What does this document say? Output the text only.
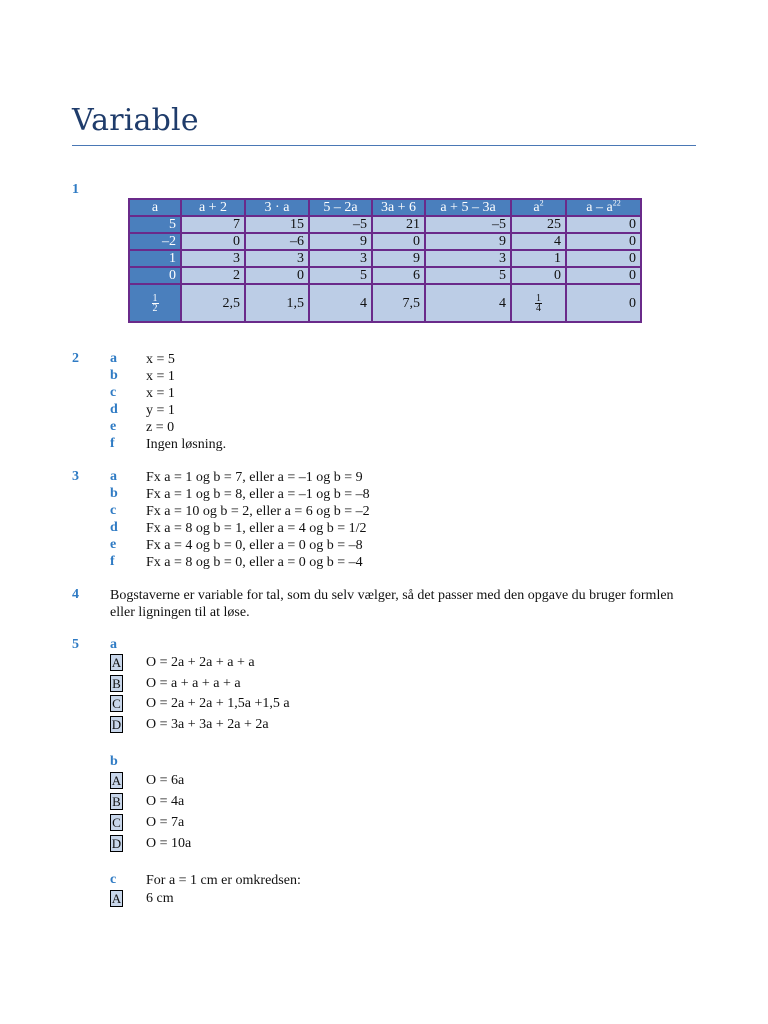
Variable
1
a	a + 2	3 · a	5 – 2a	3a + 6	a + 5 – 3a	$a^2$	a – $a^{22}$
5	7	15	–5	21	–5	25	0
–2	0	–6	9	0	9	4	0
1	3	3	3	9	3	1	0
0	2	0	5	6	5	0	0

$\frac{1}{2}$	2,5	1,5	4	7,5	4	$\frac{1}{4}$	0
2 a x = 5
b x = 1
c x = 1
d y = 1
e z = 0
f Ingen løsning.
3 a Fx a = 1 og b = 7, eller a = –1 og b = 9
b Fx a = 1 og b = 8, eller a = –1 og b = –8
c Fx a = 10 og b = 2, eller a = 6 og b = –2
d Fx a = 8 og b = 1, eller a = 4 og b = 1/2
e Fx a = 4 og b = 0, eller a = 0 og b = –8
f Fx a = 8 og b = 0, eller a = 0 og b = –4
4 Bogstaverne er variable for tal, som du selv vælger, så det passer med den opgave du bruger formlen eller ligningen til at løse.
5 a
A O = 2a + 2a + a + a
B O = a + a + a + a
C O = 2a + 2a + 1,5a +1,5 a
D O = 3a + 3a + 2a + 2a
b
A O = 6a
B O = 4a
C O = 7a
D O = 10a
c For a = 1 cm er omkredsen:
A 6 cm
